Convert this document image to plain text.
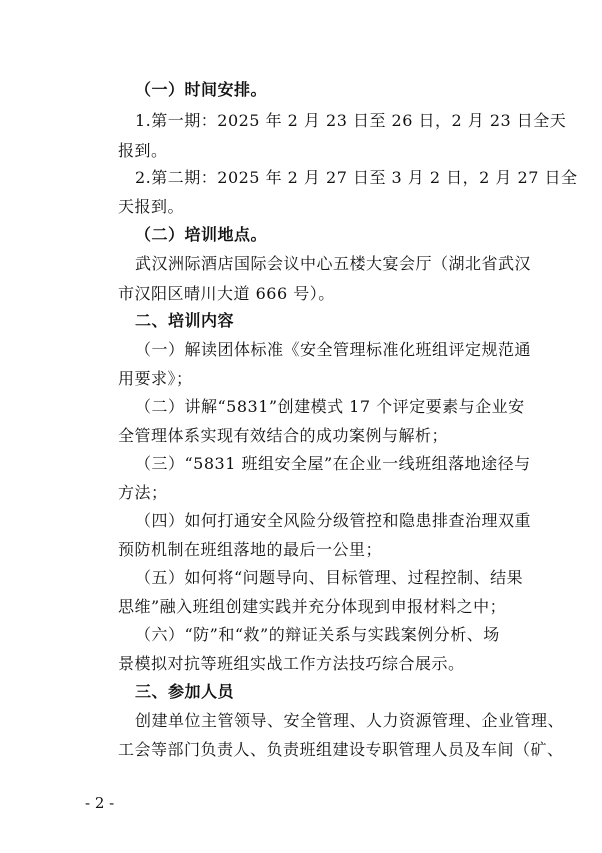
（一）时间安排。
1.第一期：2025 年 2 月 23 日至 26 日，2 月 23 日全天
报到。
2.第二期：2025 年 2 月 27 日至 3 月 2 日，2 月 27 日全
天报到。
（二）培训地点。
武汉洲际酒店国际会议中心五楼大宴会厅（湖北省武汉
市汉阳区晴川大道 666 号）。
二、培训内容
（一）解读团体标准《安全管理标准化班组评定规范通
用要求》；
（二）讲解“5831”创建模式 17 个评定要素与企业安
全管理体系实现有效结合的成功案例与解析；
（三）“5831 班组安全屋”在企业一线班组落地途径与
方法；
（四）如何打通安全风险分级管控和隐患排查治理双重
预防机制在班组落地的最后一公里；
（五）如何将“问题导向、目标管理、过程控制、结果
思维”融入班组创建实践并充分体现到申报材料之中；
（六）“防”和“救”的辩证关系与实践案例分析、场
景模拟对抗等班组实战工作方法技巧综合展示。
三、参加人员
创建单位主管领导、安全管理、人力资源管理、企业管理、
工会等部门负责人、负责班组建设专职管理人员及车间（矿、
- 2 -
